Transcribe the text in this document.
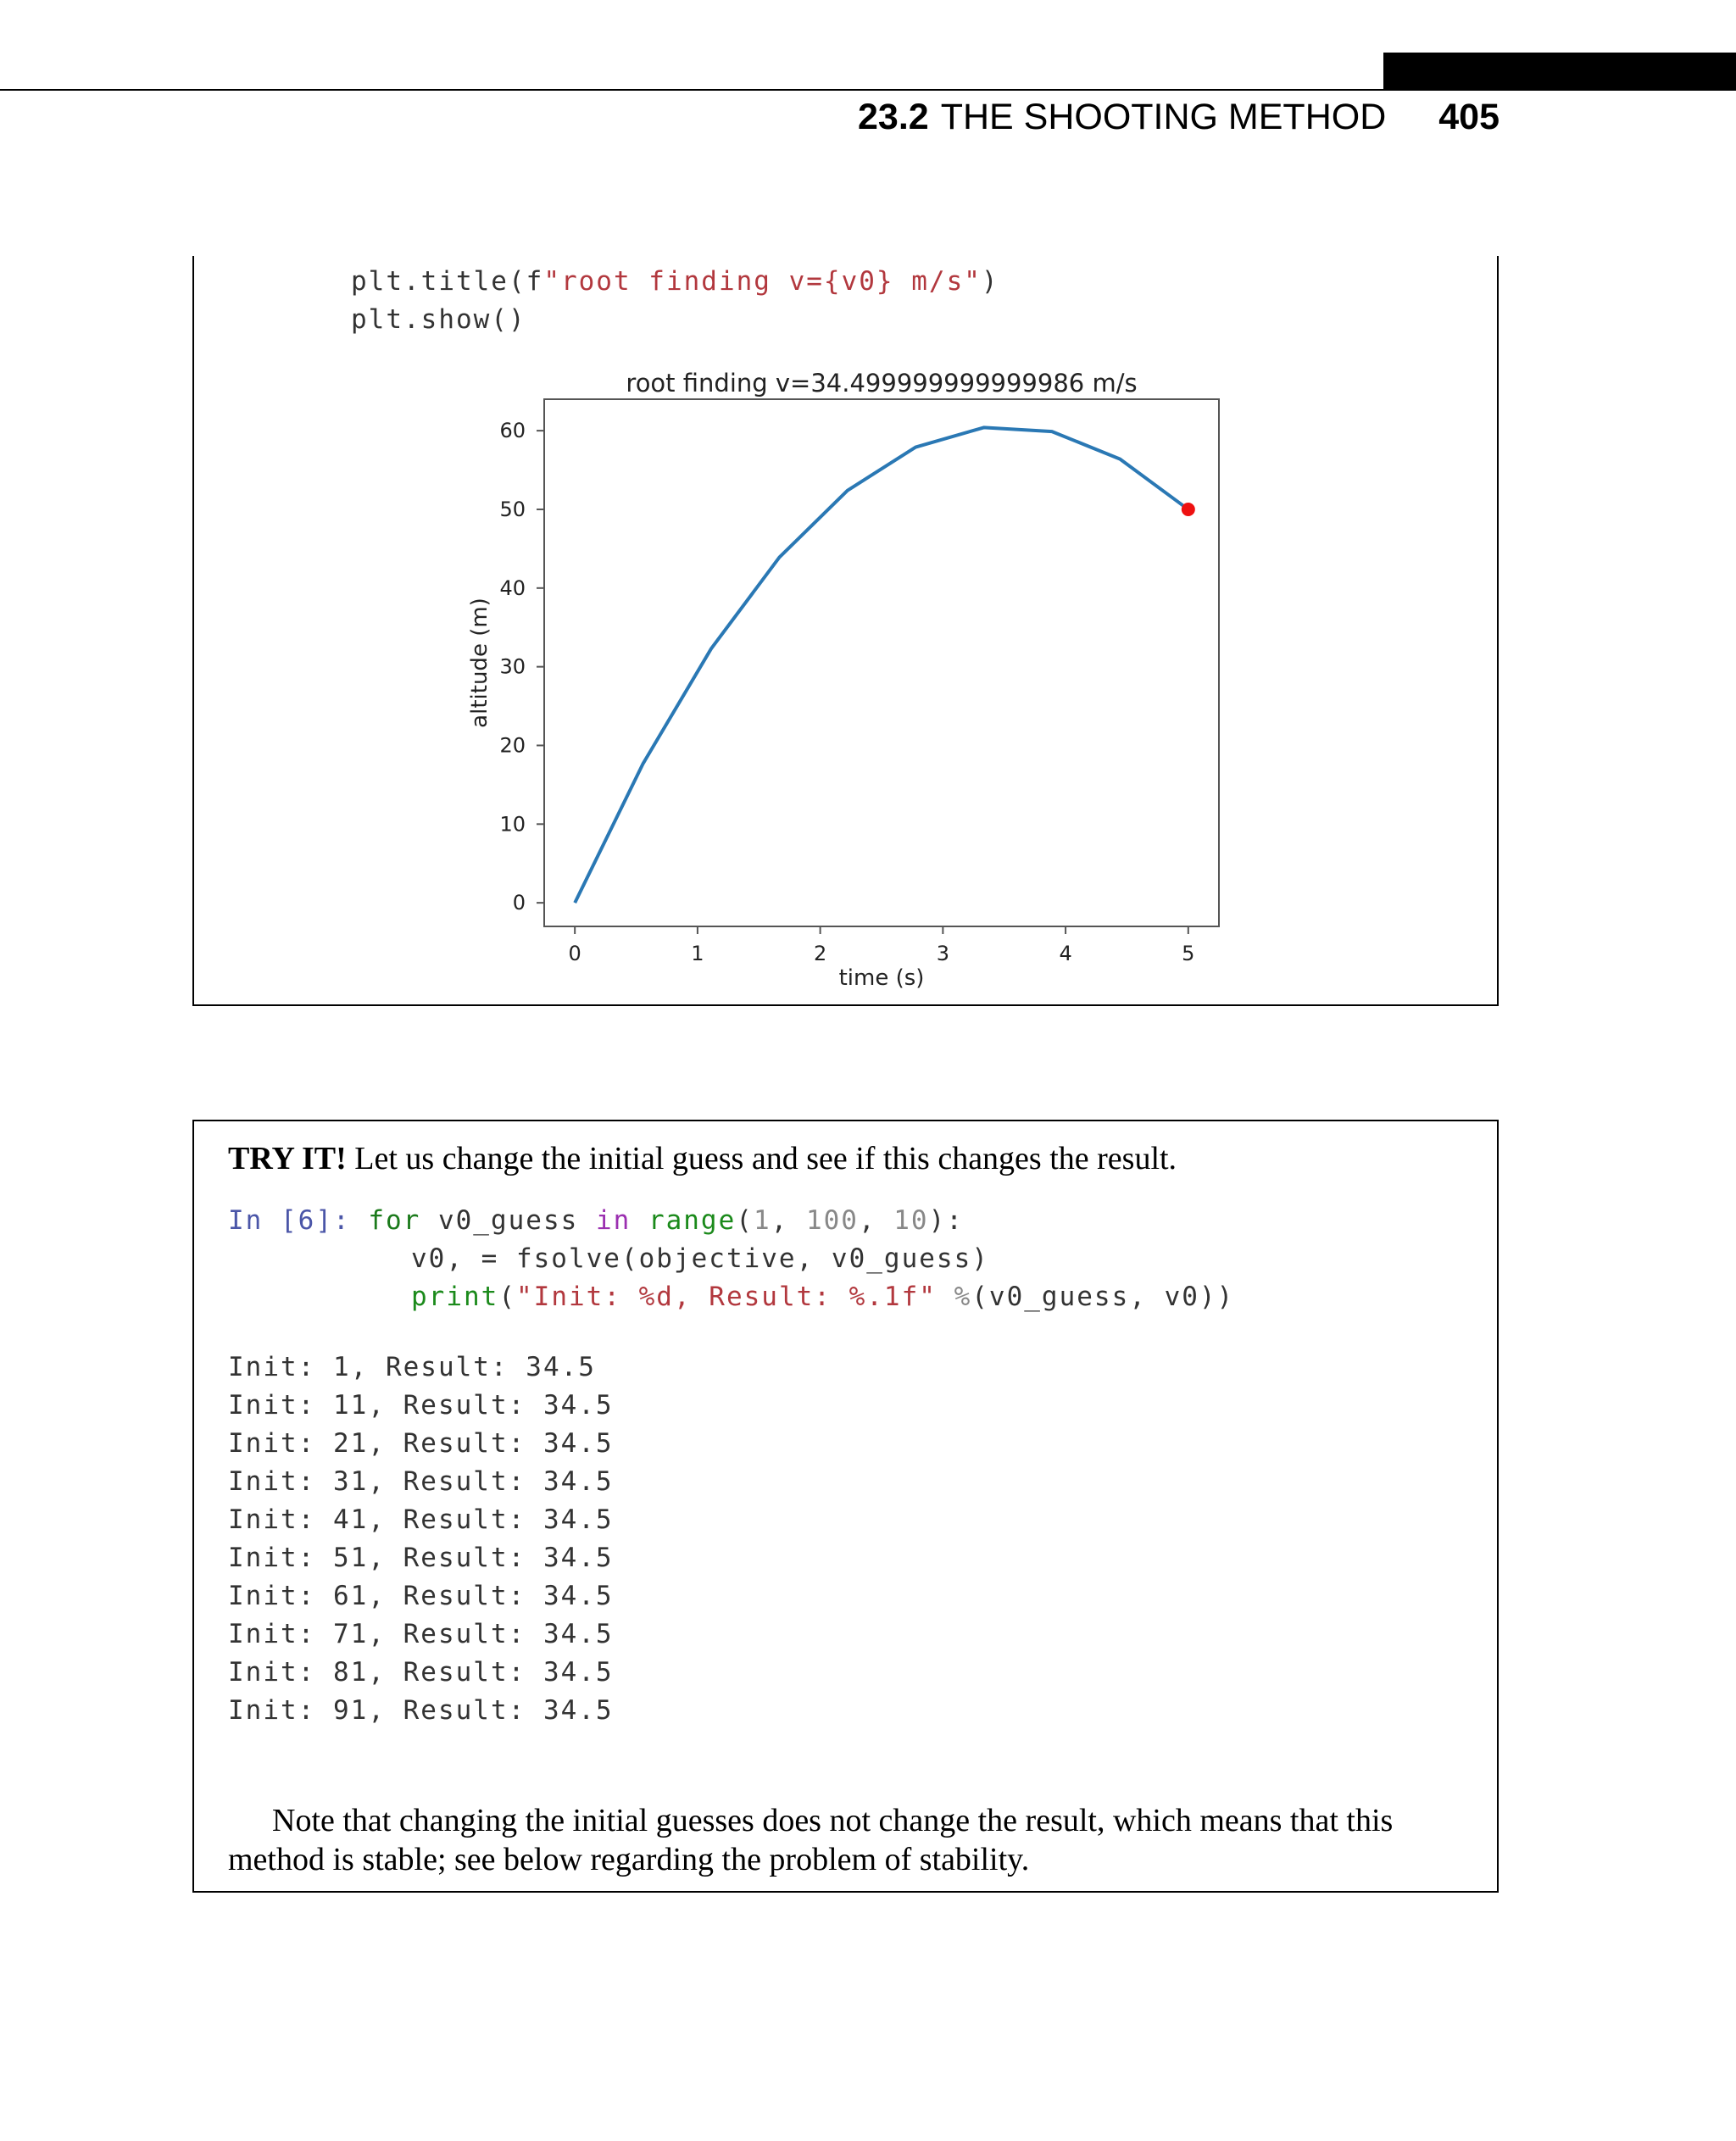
23.2 THE SHOOTING METHOD 405
plt.title(f"root finding v={v0} m/s")
plt.show()
root finding v=34.499999999999986 m/s
0	1	2	3	4	5
0
10
20
30
40
50
60
time (s)
altitude (m)
TRY IT! Let us change the initial guess and see if this changes the result.
In [6]: for v0_guess in range(1, 100, 10):
v0, = fsolve(objective, v0_guess)
print("Init: %d, Result: %.1f" %(v0_guess, v0))
Init: 1, Result: 34.5
Init: 11, Result: 34.5
Init: 21, Result: 34.5
Init: 31, Result: 34.5
Init: 41, Result: 34.5
Init: 51, Result: 34.5
Init: 61, Result: 34.5
Init: 71, Result: 34.5
Init: 81, Result: 34.5
Init: 91, Result: 34.5
Note that changing the initial guesses does not change the result, which means that this method is stable; see below regarding the problem of stability.
